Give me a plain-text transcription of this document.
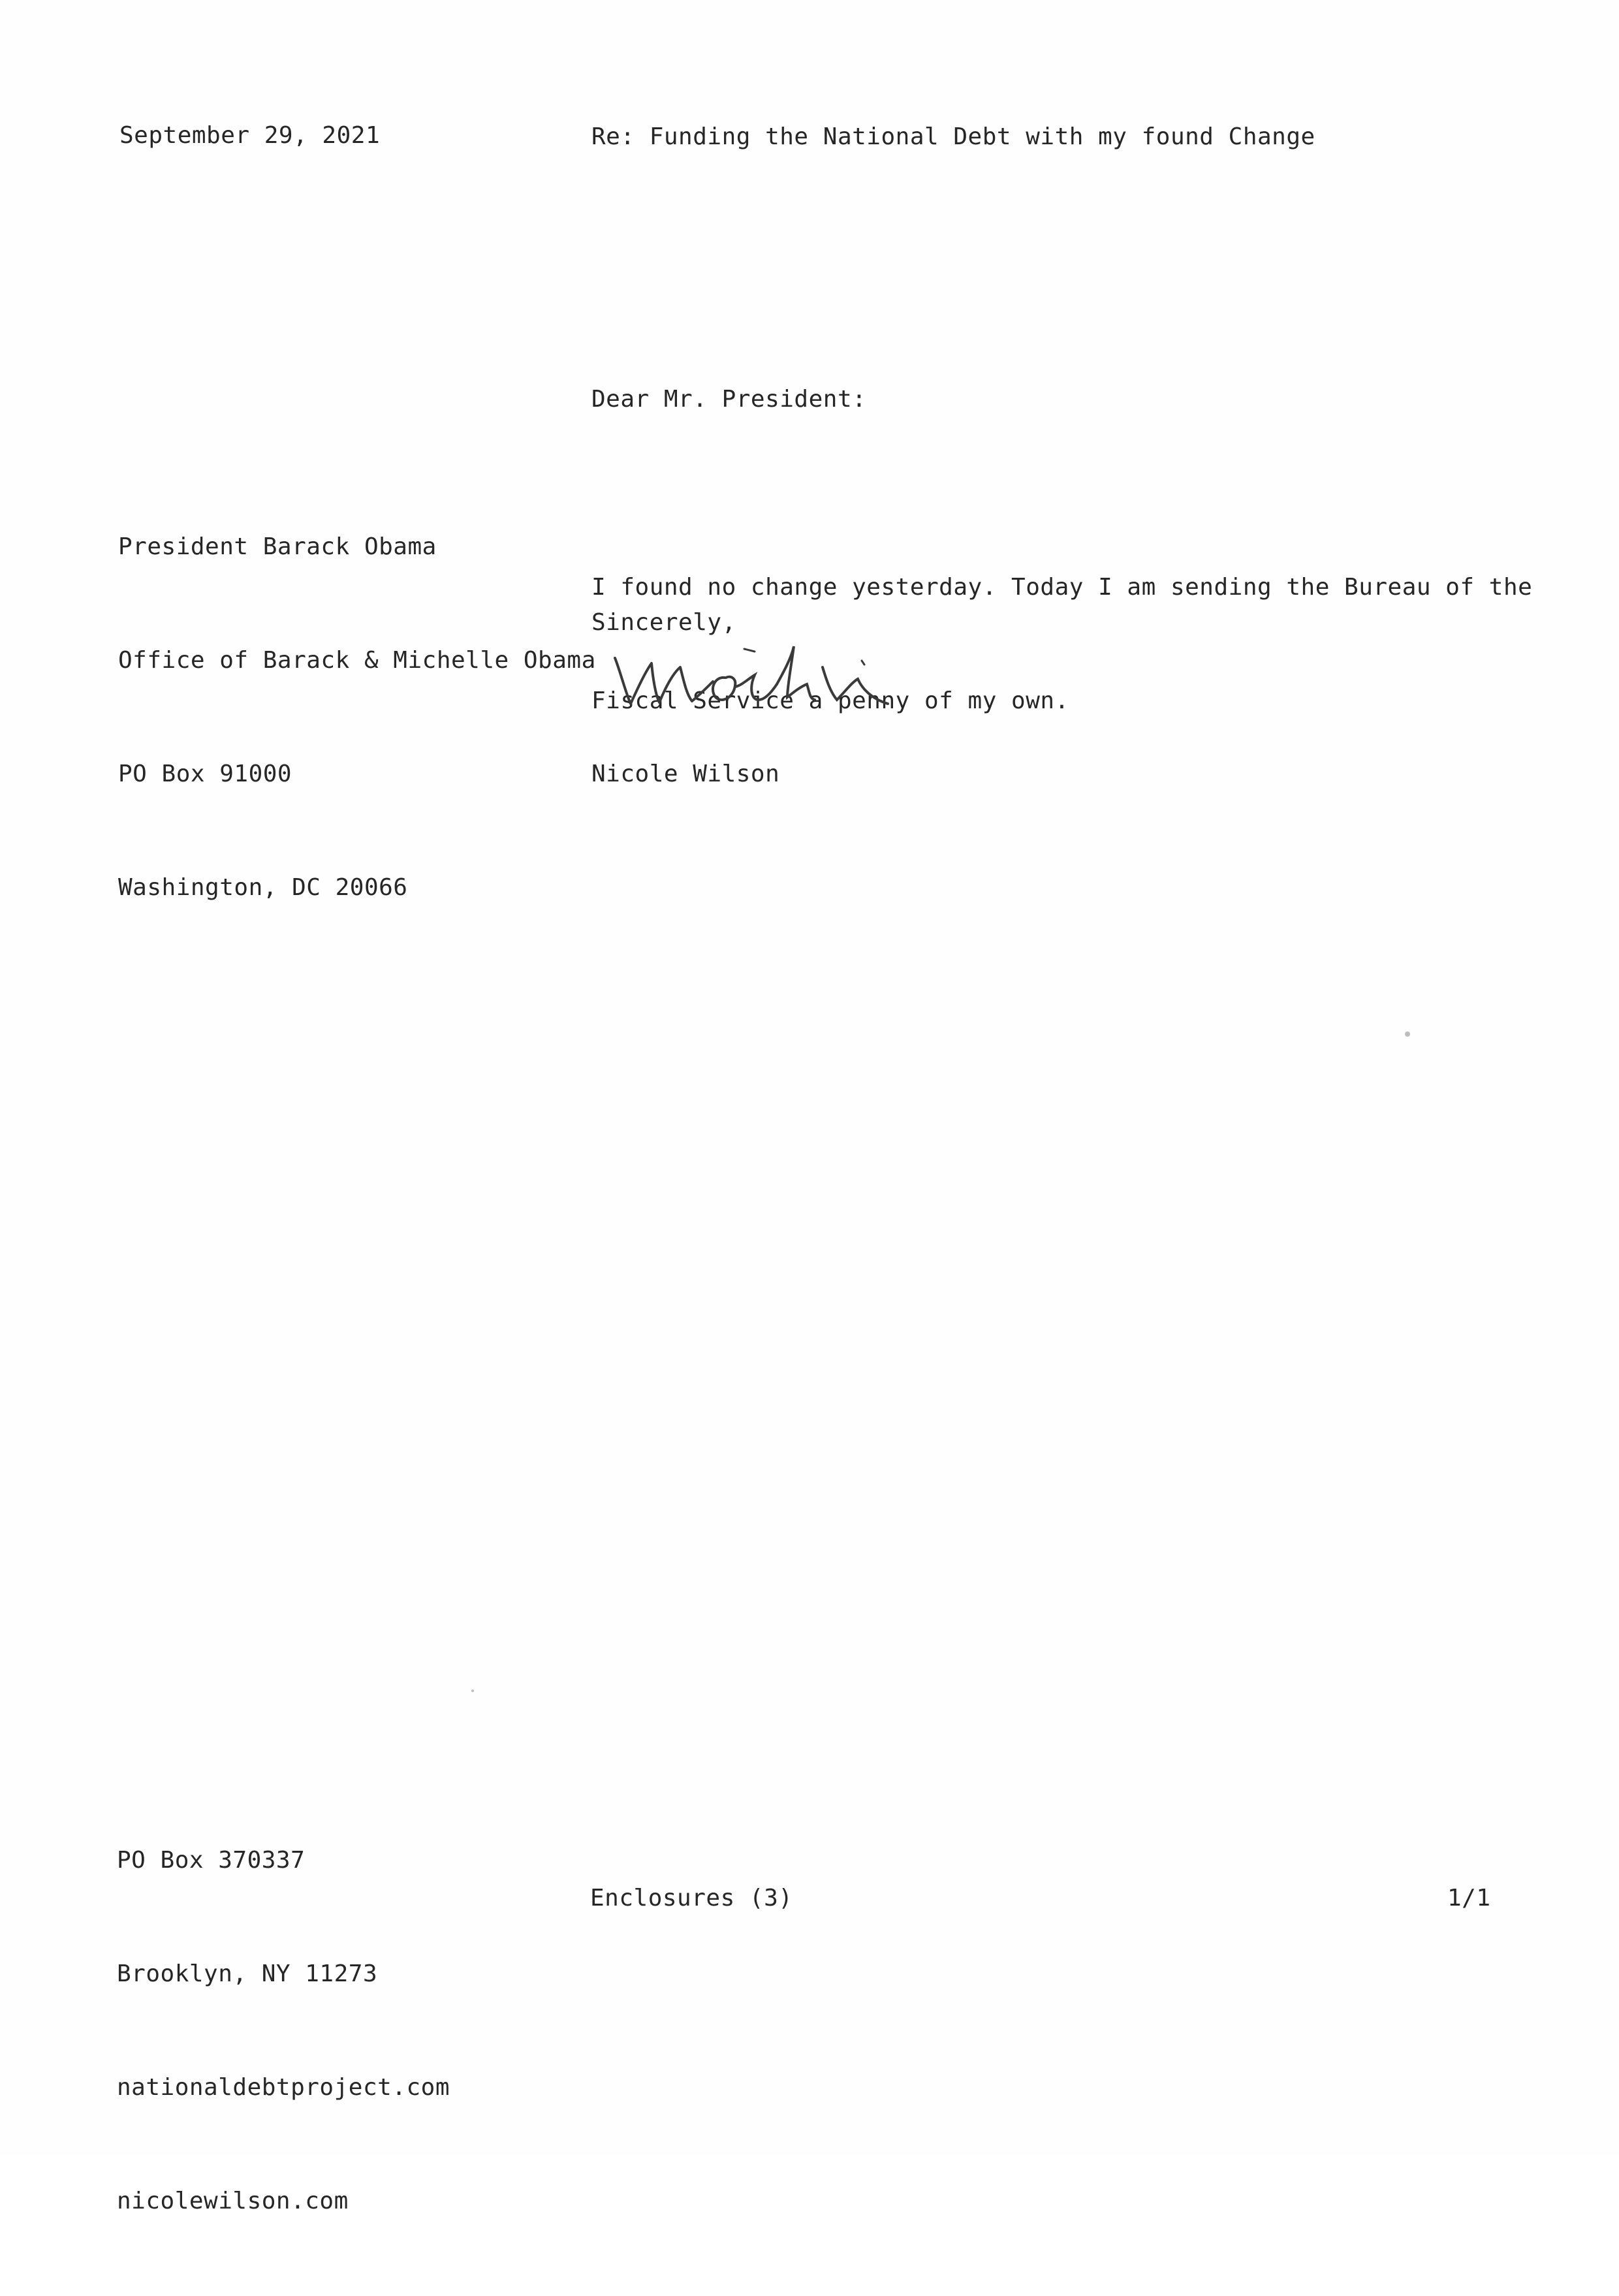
September 29, 2021	Re: Funding the National Debt with my found Change
Dear Mr. President:

President Barack Obama

Office of Barack & Michelle Obama

PO Box 91000

Washington, DC 20066

I found no change yesterday. Today I am sending the Bureau of the

Fiscal Service a penny of my own.

Sincerely,
Nicole Wilson

PO Box 370337

Brooklyn, NY 11273

nationaldebtproject.com

nicolewilson.com

Enclosures (3)	1/1
